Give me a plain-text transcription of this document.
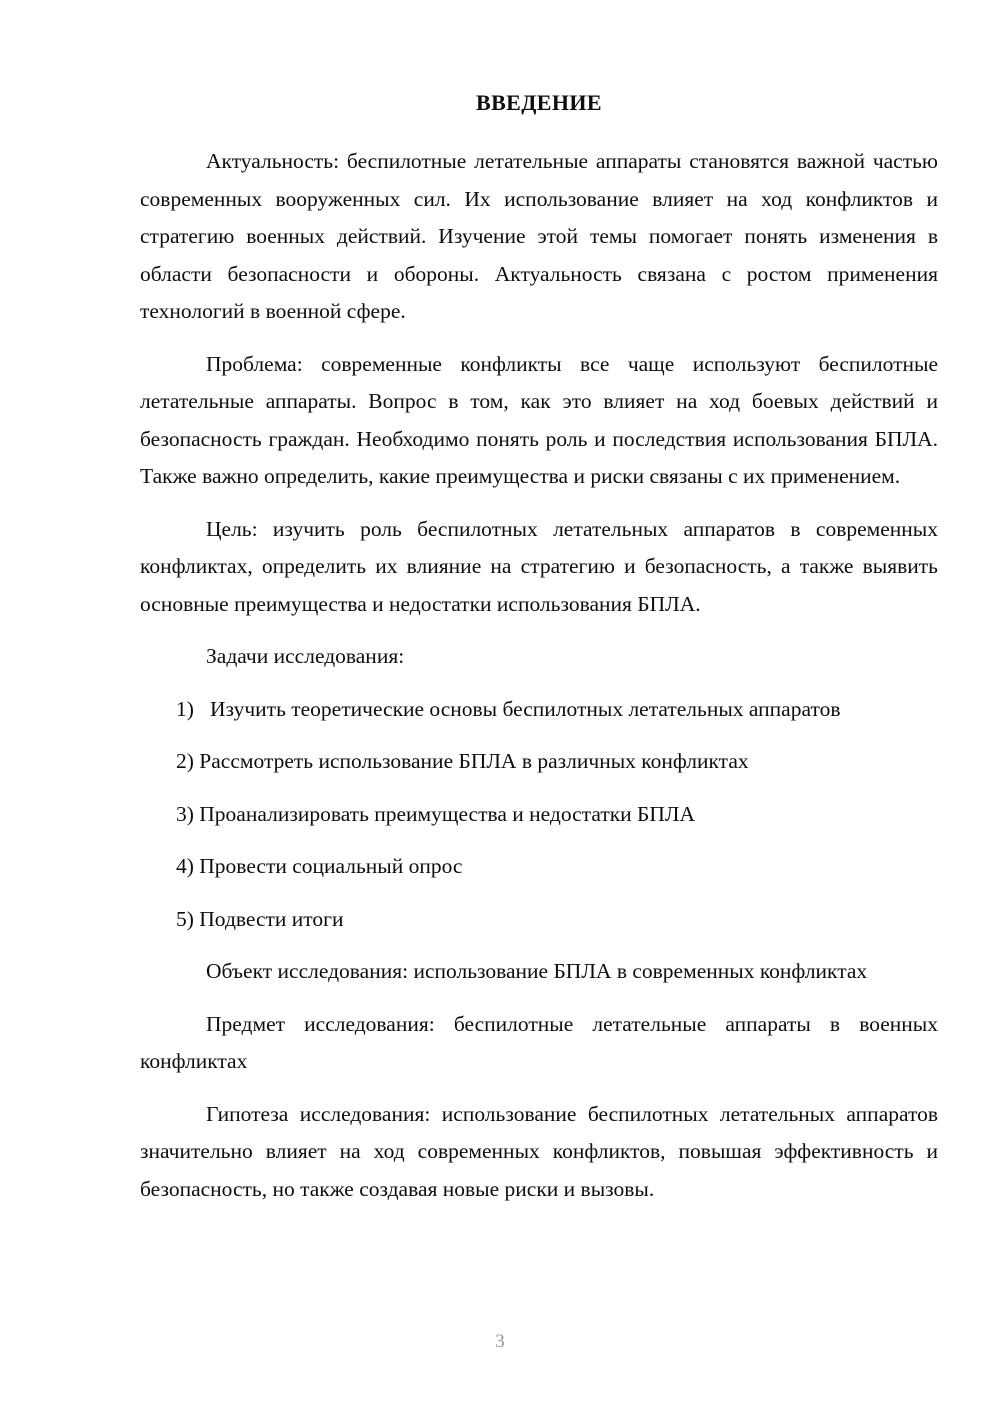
ВВЕДЕНИЕ

Актуальность: беспилотные летательные аппараты становятся важной частью современных вооруженных сил. Их использование влияет на ход конфликтов и стратегию военных действий. Изучение этой темы помогает понять изменения в области безопасности и обороны. Актуальность связана с ростом применения технологий в военной сфере.

Проблема: современные конфликты все чаще используют беспилотные летательные аппараты. Вопрос в том, как это влияет на ход боевых действий и безопасность граждан. Необходимо понять роль и последствия использования БПЛА. Также важно определить, какие преимущества и риски связаны с их применением.

Цель: изучить роль беспилотных летательных аппаратов в современных конфликтах, определить их влияние на стратегию и безопасность, а также выявить основные преимущества и недостатки использования БПЛА.

Задачи исследования:

1)   Изучить теоретические основы беспилотных летательных аппаратов
2) Рассмотреть использование БПЛА в различных конфликтах
3) Проанализировать преимущества и недостатки БПЛА
4) Провести социальный опрос
5) Подвести итоги

Объект исследования: использование БПЛА в современных конфликтах

Предмет исследования: беспилотные летательные аппараты в военных конфликтах

Гипотеза исследования: использование беспилотных летательных аппаратов значительно влияет на ход современных конфликтов, повышая эффективность и безопасность, но также создавая новые риски и вызовы.

3
